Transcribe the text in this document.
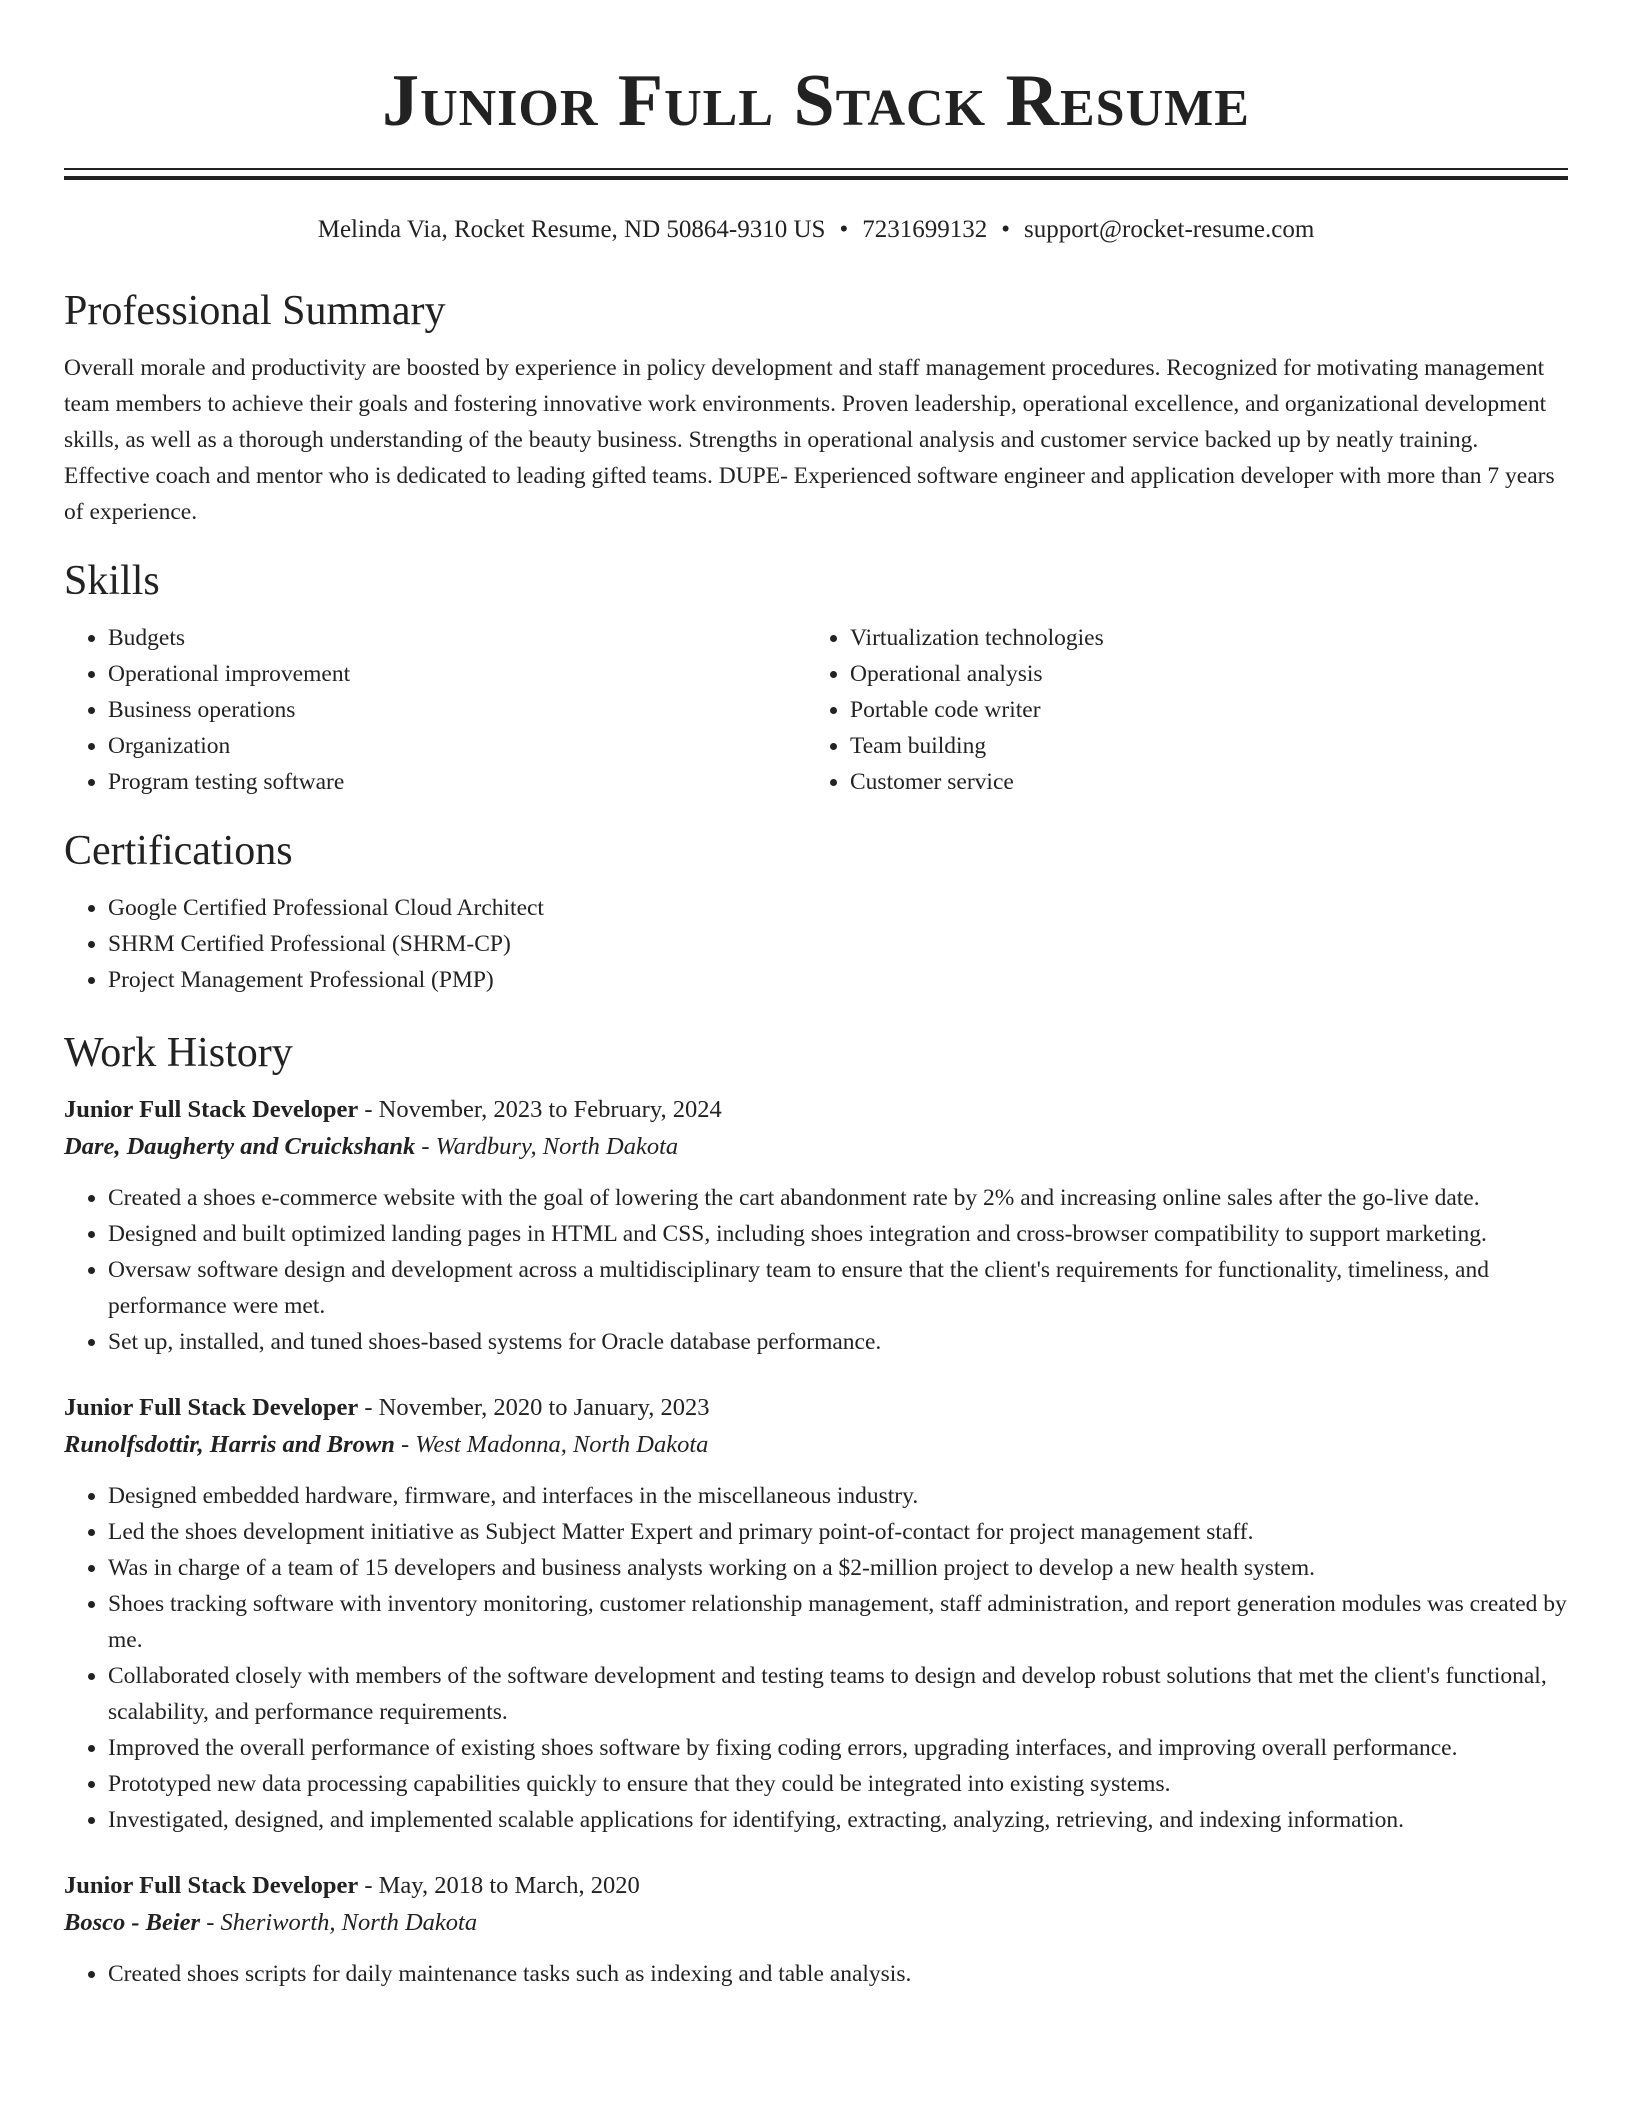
Junior Full Stack Resume
Melinda Via, Rocket Resume, ND 50864-9310 US • 7231699132 • support@rocket-resume.com
Professional Summary

Overall morale and productivity are boosted by experience in policy development and staff management procedures. Recognized for motivating management team members to achieve their goals and fostering innovative work environments. Proven leadership, operational excellence, and organizational development skills, as well as a thorough understanding of the beauty business. Strengths in operational analysis and customer service backed up by neatly training. Effective coach and mentor who is dedicated to leading gifted teams. DUPE- Experienced software engineer and application developer with more than 7 years of experience.

Skills
• Budgets
• Operational improvement
• Business operations
• Organization
• Program testing software
• Virtualization technologies
• Operational analysis
• Portable code writer
• Team building
• Customer service
Certifications
• Google Certified Professional Cloud Architect
• SHRM Certified Professional (SHRM-CP)
• Project Management Professional (PMP)
Work History
Junior Full Stack Developer - November, 2023 to February, 2024
Dare, Daugherty and Cruickshank - Wardbury, North Dakota
• Created a shoes e-commerce website with the goal of lowering the cart abandonment rate by 2% and increasing online sales after the go-live date.
• Designed and built optimized landing pages in HTML and CSS, including shoes integration and cross-browser compatibility to support marketing.
• Oversaw software design and development across a multidisciplinary team to ensure that the client's requirements for functionality, timeliness, and performance were met.
• Set up, installed, and tuned shoes-based systems for Oracle database performance.
Junior Full Stack Developer - November, 2020 to January, 2023
Runolfsdottir, Harris and Brown - West Madonna, North Dakota
• Designed embedded hardware, firmware, and interfaces in the miscellaneous industry.
• Led the shoes development initiative as Subject Matter Expert and primary point-of-contact for project management staff.
• Was in charge of a team of 15 developers and business analysts working on a $2-million project to develop a new health system.
• Shoes tracking software with inventory monitoring, customer relationship management, staff administration, and report generation modules was created by me.
• Collaborated closely with members of the software development and testing teams to design and develop robust solutions that met the client's functional, scalability, and performance requirements.
• Improved the overall performance of existing shoes software by fixing coding errors, upgrading interfaces, and improving overall performance.
• Prototyped new data processing capabilities quickly to ensure that they could be integrated into existing systems.
• Investigated, designed, and implemented scalable applications for identifying, extracting, analyzing, retrieving, and indexing information.
Junior Full Stack Developer - May, 2018 to March, 2020
Bosco - Beier - Sheriworth, North Dakota
• Created shoes scripts for daily maintenance tasks such as indexing and table analysis.
